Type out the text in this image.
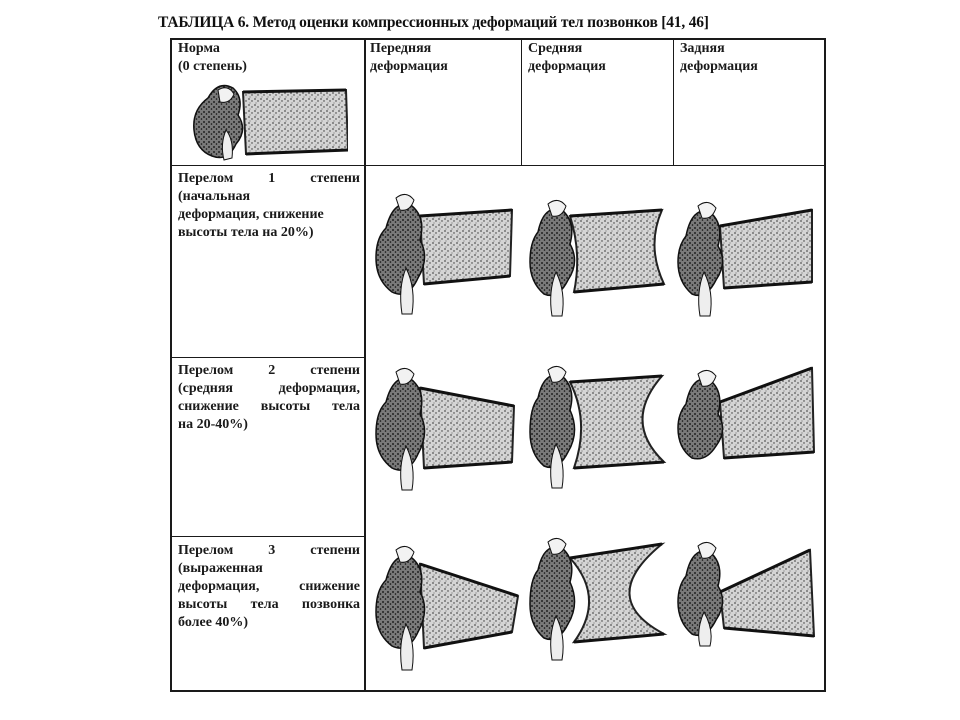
ТАБЛИЦА 6. Метод оценки компрессионных деформаций тел позвонков [41, 46]
Норма
(0 степень)
Передняя
деформация
Средняя
деформация
Задняя
деформация
Перелом 1 степени
(начальная
деформация, снижение
высоты тела на 20%)
Перелом 2 степени
(средняя деформация,
снижение высоты тела
на 20-40%)
Перелом 3 степени
(выраженная
деформация, снижение
высоты тела позвонка
более 40%)
